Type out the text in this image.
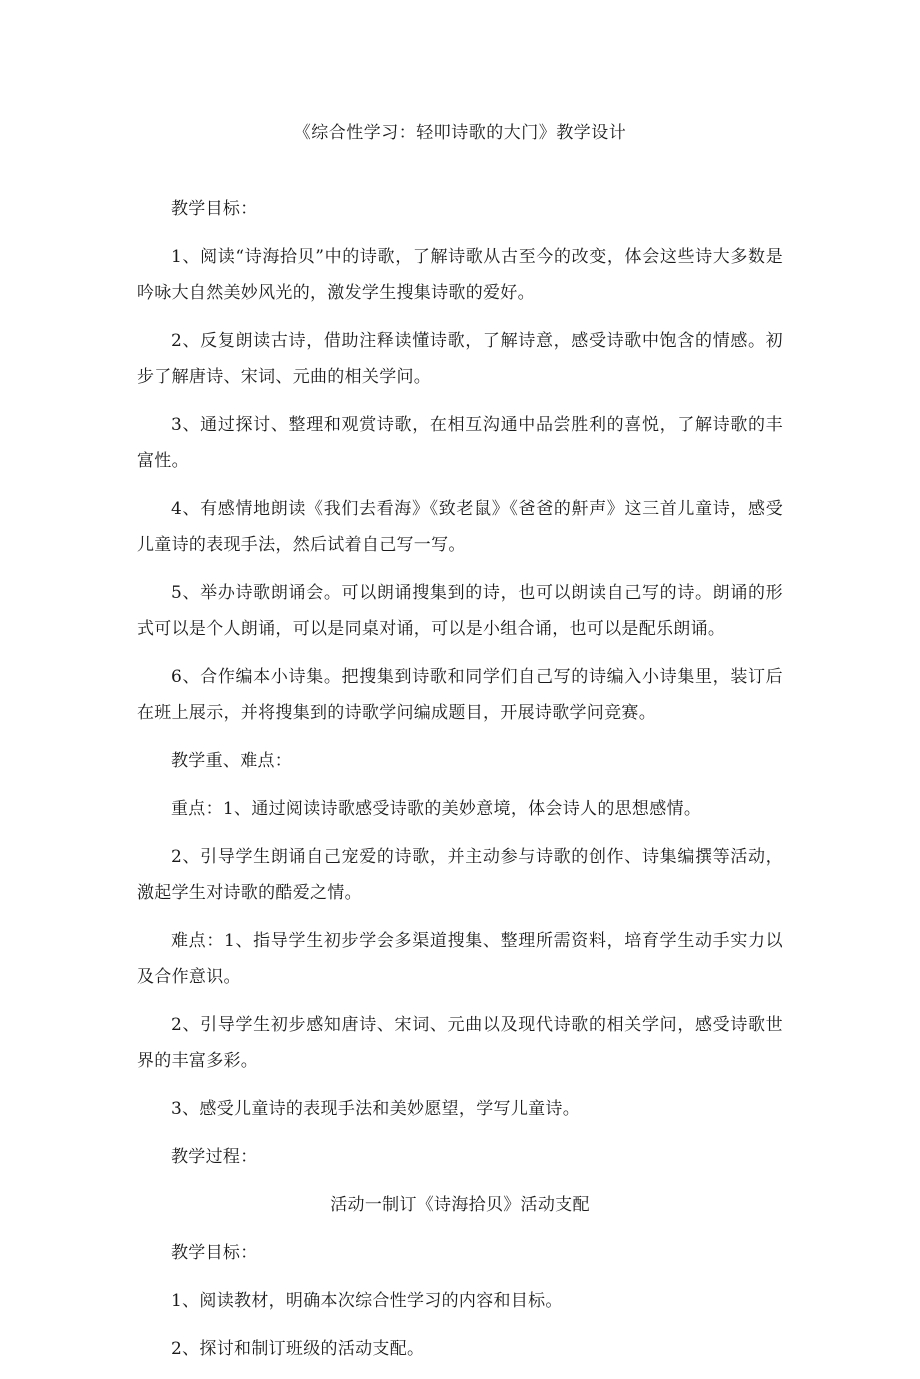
《综合性学习：轻叩诗歌的大门》教学设计

教学目标：

1、阅读“诗海拾贝”中的诗歌，了解诗歌从古至今的改变，体会这些诗大多数是吟咏大自然美妙风光的，激发学生搜集诗歌的爱好。

2、反复朗读古诗，借助注释读懂诗歌，了解诗意，感受诗歌中饱含的情感。初步了解唐诗、宋词、元曲的相关学问。

3、通过探讨、整理和观赏诗歌，在相互沟通中品尝胜利的喜悦，了解诗歌的丰富性。

4、有感情地朗读《我们去看海》《致老鼠》《爸爸的鼾声》这三首儿童诗，感受儿童诗的表现手法，然后试着自己写一写。

5、举办诗歌朗诵会。可以朗诵搜集到的诗，也可以朗读自己写的诗。朗诵的形式可以是个人朗诵，可以是同桌对诵，可以是小组合诵，也可以是配乐朗诵。

6、合作编本小诗集。把搜集到诗歌和同学们自己写的诗编入小诗集里，装订后在班上展示，并将搜集到的诗歌学问编成题目，开展诗歌学问竞赛。

教学重、难点：

重点：1、通过阅读诗歌感受诗歌的美妙意境，体会诗人的思想感情。

2、引导学生朗诵自己宠爱的诗歌，并主动参与诗歌的创作、诗集编撰等活动，激起学生对诗歌的酷爱之情。

难点：1、指导学生初步学会多渠道搜集、整理所需资料，培育学生动手实力以及合作意识。

2、引导学生初步感知唐诗、宋词、元曲以及现代诗歌的相关学问，感受诗歌世界的丰富多彩。

3、感受儿童诗的表现手法和美妙愿望，学写儿童诗。

教学过程：

活动一制订《诗海拾贝》活动支配

教学目标：

1、阅读教材，明确本次综合性学习的内容和目标。

2、探讨和制订班级的活动支配。
